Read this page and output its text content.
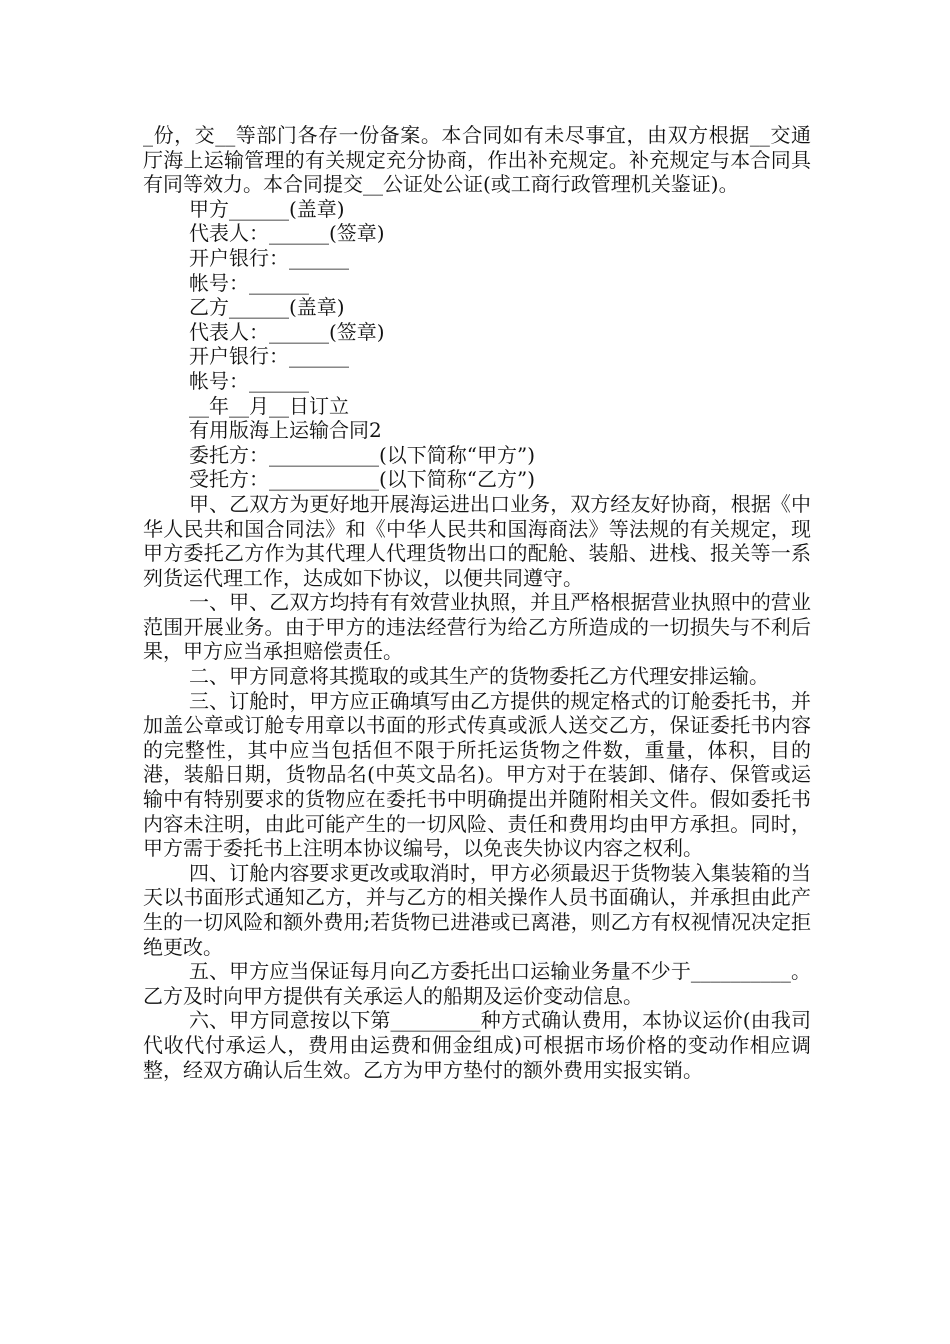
_份，交__等部门各存一份备案。本合同如有未尽事宜，由双方根据__交通厅海上运输管理的有关规定充分协商，作出补充规定。补充规定与本合同具有同等效力。本合同提交__公证处公证(或工商行政管理机关鉴证)。

甲方______(盖章)

代表人：______(签章)

开户银行：______

帐号：______

乙方______(盖章)

代表人：______(签章)

开户银行：______

帐号：______

__年__月__日订立

有用版海上运输合同2

委托方：___________(以下简称“甲方”)

受托方：___________(以下简称“乙方”)

甲、乙双方为更好地开展海运进出口业务，双方经友好协商，根据《中华人民共和国合同法》和《中华人民共和国海商法》等法规的有关规定，现甲方委托乙方作为其代理人代理货物出口的配舱、装船、进栈、报关等一系列货运代理工作，达成如下协议，以便共同遵守。

一、甲、乙双方均持有有效营业执照，并且严格根据营业执照中的营业范围开展业务。由于甲方的违法经营行为给乙方所造成的一切损失与不利后果，甲方应当承担赔偿责任。

二、甲方同意将其揽取的或其生产的货物委托乙方代理安排运输。

三、订舱时，甲方应正确填写由乙方提供的规定格式的订舱委托书，并加盖公章或订舱专用章以书面的形式传真或派人送交乙方，保证委托书内容的完整性，其中应当包括但不限于所托运货物之件数，重量，体积，目的港，装船日期，货物品名(中英文品名)。甲方对于在装卸、储存、保管或运输中有特别要求的货物应在委托书中明确提出并随附相关文件。假如委托书内容未注明，由此可能产生的一切风险、责任和费用均由甲方承担。同时，甲方需于委托书上注明本协议编号，以免丧失协议内容之权利。

四、订舱内容要求更改或取消时，甲方必须最迟于货物装入集装箱的当天以书面形式通知乙方，并与乙方的相关操作人员书面确认，并承担由此产生的一切风险和额外费用;若货物已进港或已离港，则乙方有权视情况决定拒绝更改。

五、甲方应当保证每月向乙方委托出口运输业务量不少于__________。乙方及时向甲方提供有关承运人的船期及运价变动信息。

六、甲方同意按以下第_________种方式确认费用，本协议运价(由我司代收代付承运人，费用由运费和佣金组成)可根据市场价格的变动作相应调整，经双方确认后生效。乙方为甲方垫付的额外费用实报实销。
